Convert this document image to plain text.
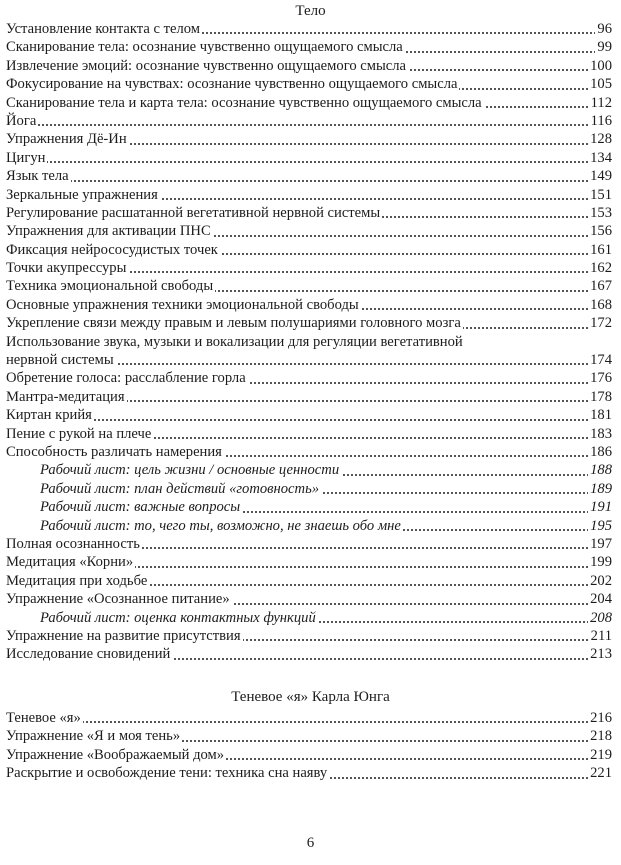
Тело
Установление контакта с телом	96
Сканирование тела: осознание чувственно ощущаемого смысла	99
Извлечение эмоций: осознание чувственно ощущаемого смысла	100
Фокусирование на чувствах: осознание чувственно ощущаемого смысла	105
Сканирование тела и карта тела: осознание чувственно ощущаемого смысла	112
Йога	116
Упражнения Дё-Ин	128
Цигун	134
Язык тела	149
Зеркальные упражнения	151
Регулирование расшатанной вегетативной нервной системы	153
Упражнения для активации ПНС	156
Фиксация нейрососудистых точек	161
Точки акупрессуры	162
Техника эмоциональной свободы	167
Основные упражнения техники эмоциональной свободы	168
Укрепление связи между правым и левым полушариями головного мозга	172
Использование звука, музыки и вокализации для регуляции вегетативной
нервной системы	174
Обретение голоса: расслабление горла	176
Мантра-медитация	178
Киртан крийя	181
Пение с рукой на плече	183
Способность различать намерения	186
Рабочий лист: цель жизни / основные ценности	188
Рабочий лист: план действий «готовность»	189
Рабочий лист: важные вопросы	191
Рабочий лист: то, чего ты, возможно, не знаешь обо мне	195
Полная осознанность	197
Медитация «Корни»	199
Медитация при ходьбе	202
Упражнение «Осознанное питание»	204
Рабочий лист: оценка контактных функций	208
Упражнение на развитие присутствия	211
Исследование сновидений	213
Теневое «я» Карла Юнга
Теневое «я»	216
Упражнение «Я и моя тень»	218
Упражнение «Воображаемый дом»	219
Раскрытие и освобождение тени: техника сна наяву	221
6
